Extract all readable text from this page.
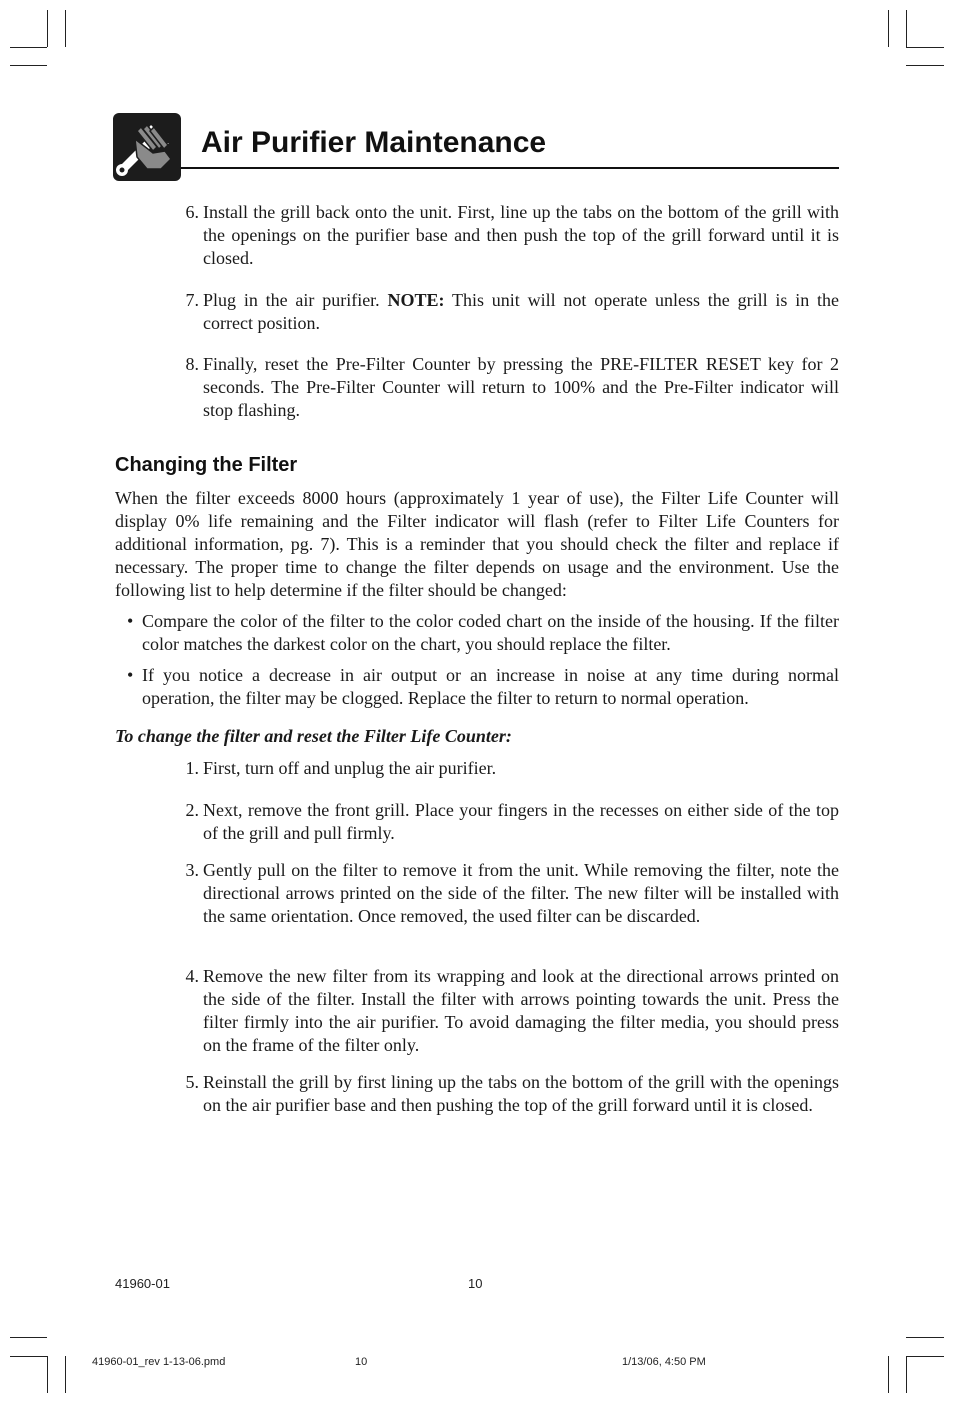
Air Purifier Maintenance
6. Install the grill back onto the unit. First, line up the tabs on the bottom of the grill with the openings on the purifier base and then push the top of the grill forward until it is closed.
7. Plug in the air purifier. NOTE: This unit will not operate unless the grill is in the correct position.
8. Finally, reset the Pre-Filter Counter by pressing the PRE-FILTER RESET key for 2 seconds. The Pre-Filter Counter will return to 100% and the Pre-Filter indicator will stop flashing.
Changing the Filter
When the filter exceeds 8000 hours (approximately 1 year of use), the Filter Life Counter will display 0% life remaining and the Filter indicator will flash (refer to Filter Life Counters for additional information, pg. 7). This is a reminder that you should check the filter and replace if necessary. The proper time to change the filter depends on usage and the environment. Use the following list to help determine if the filter should be changed:
• Compare the color of the filter to the color coded chart on the inside of the housing. If the filter color matches the darkest color on the chart, you should replace the filter.
• If you notice a decrease in air output or an increase in noise at any time during normal operation, the filter may be clogged. Replace the filter to return to normal operation.
To change the filter and reset the Filter Life Counter:
1. First, turn off and unplug the air purifier.
2. Next, remove the front grill. Place your fingers in the recesses on either side of the top of the grill and pull firmly.
3. Gently pull on the filter to remove it from the unit. While removing the filter, note the directional arrows printed on the side of the filter. The new filter will be installed with the same orientation. Once removed, the used filter can be discarded.
4. Remove the new filter from its wrapping and look at the directional arrows printed on the side of the filter. Install the filter with arrows pointing towards the unit. Press the filter firmly into the air purifier. To avoid damaging the filter media, you should press on the frame of the filter only.
5. Reinstall the grill by first lining up the tabs on the bottom of the grill with the openings on the air purifier base and then pushing the top of the grill forward until it is closed.
41960-01	10
41960-01_rev 1-13-06.pmd	10	1/13/06, 4:50 PM
